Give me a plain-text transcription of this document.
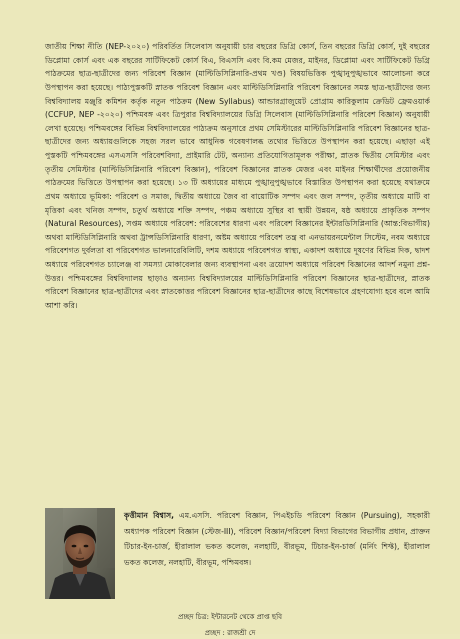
জাতীয় শিক্ষা নীতি (NEP-২০২০) পরিবর্তিত সিলেবাস অনুযায়ী চার বছরের ডিগ্রি কোর্স, তিন বছরের ডিগ্রি কোর্স, দুই বছরের ডিপ্লোমা কোর্স এবং এক বছরের সার্টিফিকেট কোর্স বিএ, বিএসসি এবং বি.কম মেজর, মাইনর, ডিপ্লোমা এবং সার্টিফিকেট ডিগ্রি পাঠক্রমের ছাত্র-ছাত্রীদের জন্য পরিবেশ বিজ্ঞান (মাল্টিডিসিপ্লিনারি-প্রথম খণ্ড) বিষয়ভিত্তিক পুঙ্খানুপুঙ্খভাবে আলোচনা করে উপস্থাপন করা হয়েছে। পাঠ্যপুস্তকটি স্নাতক পরিবেশ বিজ্ঞান এবং মাল্টিডিসিপ্লিনারি পরিবেশ বিজ্ঞানের সমস্ত ছাত্র-ছাত্রীদের জন্য বিশ্ববিদ্যালয় মঞ্জুরি কমিশন কর্তৃক নতুন পাঠক্রম (New Syllabus) আন্ডারগ্রাজুয়েট প্রোগ্রাম কারিকুলাম ক্রেডিট ফ্রেমওয়ার্ক (CCFUP, NEP -২০২০) পশ্চিমবঙ্গ এবং ত্রিপুরার বিশ্ববিদ্যালয়ের ডিগ্রি সিলেবাস (মাল্টিডিসিপ্লিনারি পরিবেশ বিজ্ঞান) অনুযায়ী লেখা হয়েছে। পশ্চিমবঙ্গের বিভিন্ন বিশ্ববিদ্যালয়ের পাঠ্যক্রম অনুসারে প্রথম সেমিস্টারের মাল্টিডিসিপ্লিনারি পরিবেশ বিজ্ঞানের ছাত্র-ছাত্রীদের জন্য অধ্যায়গুলিকে সহজ সরল ভাবে আধুনিক গবেষণালব্ধ তথ্যের ভিত্তিতে উপস্থাপন করা হয়েছে। এছাড়া এই পুস্তকটি পশ্চিমবঙ্গের এসএসসি পরিবেশবিদ্যা, প্রাইমারি টেট, অন্যান্য প্রতিযোগিতামূলক পরীক্ষা, স্নাতক দ্বিতীয় সেমিস্টার এবং তৃতীয় সেমিস্টার (মাল্টিডিসিপ্লিনারি পরিবেশ বিজ্ঞান), পরিবেশ বিজ্ঞানের স্নাতক মেজর এবং মাইনর শিক্ষার্থীদের প্রয়োজনীয় পাঠক্রমের ভিত্তিতে উপস্থাপন করা হয়েছে। ১৩ টি অধ্যায়ের মাধ্যমে পুঙ্খানুপুঙ্খভাবে বিস্তারিত উপস্থাপন করা হয়েছে যথাক্রমে প্রথম অধ্যায়ে ভূমিকা: পরিবেশ ও সমাজ, দ্বিতীয় অধ্যায়ে জৈব বা বায়োটিক সম্পদ এবং জল সম্পদ, তৃতীয় অধ্যায়ে মাটি বা মৃত্তিকা এবং খনিজ সম্পদ, চতুর্থ অধ্যায়ে শক্তি সম্পদ, পঞ্চম অধ্যায়ে সুস্থির বা স্থায়ী উন্নয়ন, ষষ্ঠ অধ্যায়ে প্রাকৃতিক সম্পদ (Natural Resources), সপ্তম অধ্যায়ে পরিবেশ: পরিবেশের ধারণা এবং পরিবেশ বিজ্ঞানের ইন্টারডিসিপ্লিনারি (আন্ত:বিভাগীয়) অথবা মাল্টিডিসিপ্লিনারি অথবা ট্রান্সডিসিপ্লিনারি ধারণা, অষ্টম অধ্যায়ে পরিবেশ তন্ত্র বা এনভায়রনমেন্টাল সিস্টেম, নবম অধ্যায়ে পরিবেশগত দুর্বলতা বা পরিবেশগত ভালনারেবিলিটি, দশম অধ্যায়ে পরিবেশগত স্বাস্থ্য, একাদশ অধ্যায়ে দূষণের বিভিন্ন দিক, দ্বাদশ অধ্যায়ে পরিবেশগত চ্যালেঞ্জ বা সমস্যা মোকাবেলার জন্য ব্যবস্থাপনা এবং ত্রয়োদশ অধ্যায়ে পরিবেশ বিজ্ঞানের আদর্শ নমুনা প্রশ্ন-উত্তর। পশ্চিমবঙ্গের বিশ্ববিদ্যালয় ছাড়াও অন্যান্য বিশ্ববিদ্যালয়ের মাল্টিডিসিপ্লিনারি পরিবেশ বিজ্ঞানের ছাত্র-ছাত্রীদের, স্নাতক পরিবেশ বিজ্ঞানের ছাত্র-ছাত্রীদের এবং স্নাতকোত্তর পরিবেশ বিজ্ঞানের ছাত্র-ছাত্রীদের কাছে বিশেষভাবে গ্রহণযোগ্য হবে বলে আমি আশা করি।

কৃত্তীমান বিশ্বাস, এম.এসসি. পরিবেশ বিজ্ঞান, পিএইচডি পরিবেশ বিজ্ঞান (Pursuing), সহকারী অধ্যাপক পরিবেশ বিজ্ঞান (স্টেজ-III), পরিবেশ বিজ্ঞান/পরিবেশ বিদ্যা বিভাগের বিভাগীয় প্রধান, প্রাক্তন টিচার-ইন-চার্জ, হীরালাল ভকত কলেজ, নলহাটি, বীরভূম, টিচার-ইন-চার্জ (মর্নিং শিফ্ট), হীরালাল ভকত কলেজ, নলহাটি, বীরভূম, পশ্চিমবঙ্গ।

প্রচ্ছদ চিত্র: ইন্টারনেট থেকে প্রাপ্ত ছবি
প্রচ্ছদ : রাজশ্রী দে
